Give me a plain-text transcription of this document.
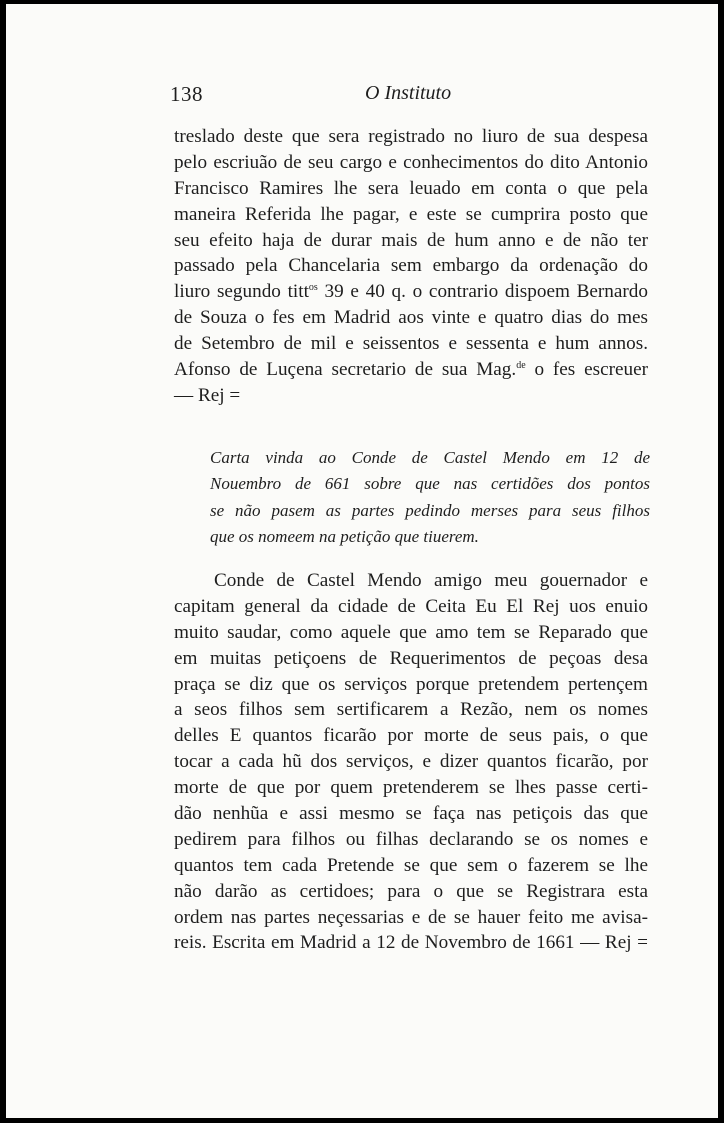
138	O Instituto
treslado deste que sera registrado no liuro de sua despesa
pelo escriuão de seu cargo e conhecimentos do dito Antonio
Francisco Ramires lhe sera leuado em conta o que pela
maneira Referida lhe pagar, e este se cumprira posto que
seu efeito haja de durar mais de hum anno e de não ter
passado pela Chancelaria sem embargo da ordenação do
liuro segundo titt$^{os}$ 39 e 40 q. o contrario dispoem Bernardo
de Souza o fes em Madrid aos vinte e quatro dias do mes
de Setembro de mil e seissentos e sessenta e hum annos.
Afonso de Luçena secretario de sua Mag.$^{de}$ o fes escreuer
— Rej =
Carta vinda ao Conde de Castel Mendo em 12 de
Nouembro de 661 sobre que nas certidões dos pontos
se não pasem as partes pedindo merses para seus filhos
que os nomeem na petição que tiuerem.
Conde de Castel Mendo amigo meu gouernador e
capitam general da cidade de Ceita Eu El Rej uos enuio
muito saudar, como aquele que amo tem se Reparado que
em muitas petiçoens de Requerimentos de peçoas desa
praça se diz que os serviços porque pretendem pertençem
a seos filhos sem sertificarem a Rezão, nem os nomes
delles E quantos ficarão por morte de seus pais, o que
tocar a cada hũ dos serviços, e dizer quantos ficarão, por
morte de que por quem pretenderem se lhes passe certi-
dão nenhũa e assi mesmo se faça nas petiçois das que
pedirem para filhos ou filhas declarando se os nomes e
quantos tem cada Pretende se que sem o fazerem se lhe
não darão as certidoes; para o que se Registrara esta
ordem nas partes neçessarias e de se hauer feito me avisa-
reis. Escrita em Madrid a 12 de Novembro de 1661 — Rej =
